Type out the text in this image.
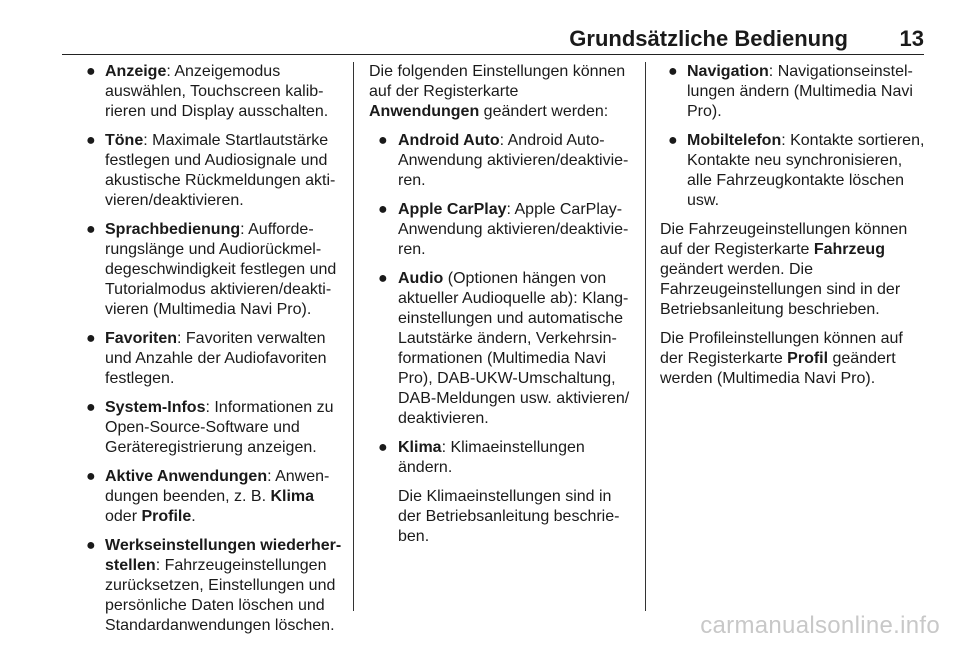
Grundsätzliche Bedienung 13
● Anzeige: Anzeigemodus auswählen, Touchscreen kalibrieren und Display ausschalten.
● Töne: Maximale Startlautstärke festlegen und Audiosignale und akustische Rückmeldungen aktivieren/deaktivieren.
● Sprachbedienung: Aufforderungslänge und Audiorückmeldegeschwindigkeit festlegen und Tutorialmodus aktivieren/deaktivieren (Multimedia Navi Pro).
● Favoriten: Favoriten verwalten und Anzahle der Audiofavoriten festlegen.
● System-Infos: Informationen zu Open-Source-Software und Geräteregistrierung anzeigen.
● Aktive Anwendungen: Anwendungen beenden, z. B. Klima oder Profile.
● Werkseinstellungen wiederherstellen: Fahrzeugeinstellungen zurücksetzen, Einstellungen und persönliche Daten löschen und Standardanwendungen löschen.

Die folgenden Einstellungen können auf der Registerkarte Anwendungen geändert werden:

● Android Auto: Android Auto-Anwendung aktivieren/deaktivieren.
● Apple CarPlay: Apple CarPlay-Anwendung aktivieren/deaktivieren.
● Audio (Optionen hängen von aktueller Audioquelle ab): Klangeinstellungen und automatische Lautstärke ändern, Verkehrsinformationen (Multimedia Navi Pro), DAB-UKW-Umschaltung, DAB-Meldungen usw. aktivieren/ deaktivieren.
● Klima: Klimaeinstellungen ändern.

Die Klimaeinstellungen sind in der Betriebsanleitung beschrieben.

● Navigation: Navigationseinstellungen ändern (Multimedia Navi Pro).
● Mobiltelefon: Kontakte sortieren, Kontakte neu synchronisieren, alle Fahrzeugkontakte löschen usw.

Die Fahrzeugeinstellungen können auf der Registerkarte Fahrzeug geändert werden. Die Fahrzeugeinstellungen sind in der Betriebsanleitung beschrieben.

Die Profileinstellungen können auf der Registerkarte Profil geändert werden (Multimedia Navi Pro).

carmanualsonline.info
